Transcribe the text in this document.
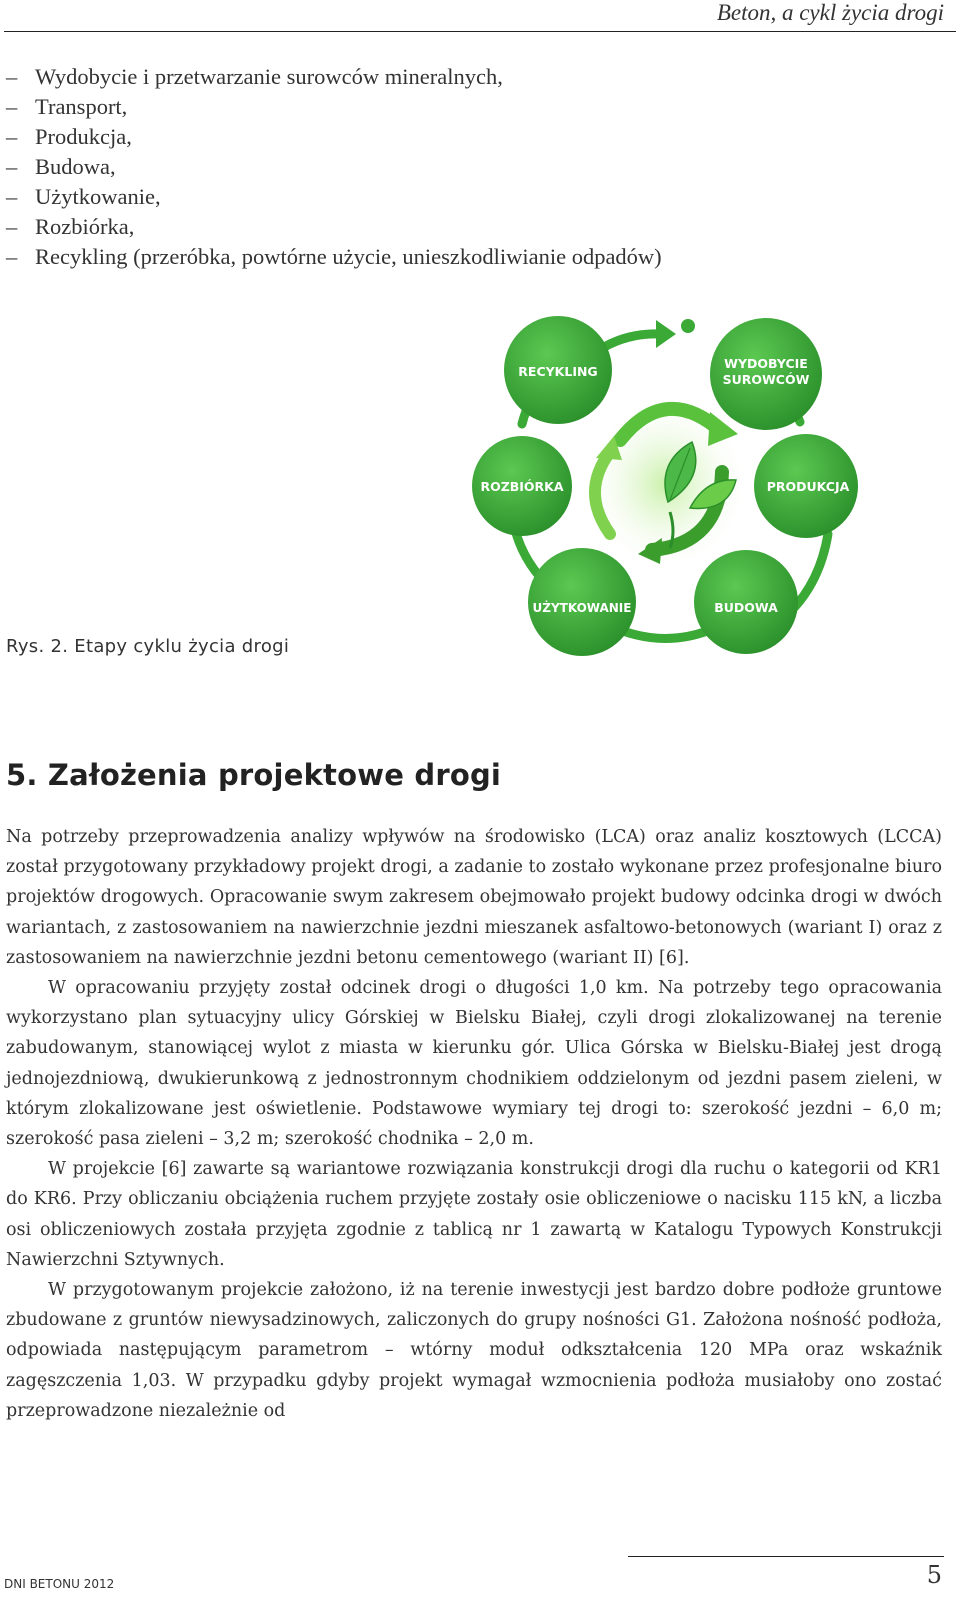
Beton, a cykl życia drogi
– Wydobycie i przetwarzanie surowców mineralnych,
– Transport,
– Produkcja,
– Budowa,
– Użytkowanie,
– Rozbiórka,
– Recykling (przeróbka, powtórne użycie, unieszkodliwianie odpadów)
RECYKLING
WYDOBYCIE
SUROWCÓW
PRODUKCJA
BUDOWA
UŻYTKOWANIE
ROZBIÓRKA
Rys. 2. Etapy cyklu życia drogi
5. Założenia projektowe drogi

Na potrzeby przeprowadzenia analizy wpływów na środowisko (LCA) oraz analiz kosztowych (LCCA) został przygotowany przykładowy projekt drogi, a zadanie to zostało wykonane przez profesjonalne biuro projektów drogowych. Opracowanie swym zakresem obejmowało projekt budowy odcinka drogi w dwóch wariantach, z zastosowaniem na nawierzchnie jezdni mieszanek asfaltowo-betonowych (wariant I) oraz z zastosowaniem na nawierzchnie jezdni betonu cementowego (wariant II) [6].

W opracowaniu przyjęty został odcinek drogi o długości 1,0 km. Na potrzeby tego opracowania wykorzystano plan sytuacyjny ulicy Górskiej w Bielsku Białej, czyli drogi zlokalizowanej na terenie zabudowanym, stanowiącej wylot z miasta w kierunku gór. Ulica Górska w Bielsku-Białej jest drogą jednojezdniową, dwukierunkową z jednostronnym chodnikiem oddzielonym od jezdni pasem zieleni, w którym zlokalizowane jest oświetlenie. Podstawowe wymiary tej drogi to: szerokość jezdni – 6,0 m; szerokość pasa zieleni – 3,2 m; szerokość chodnika – 2,0 m.

W projekcie [6] zawarte są wariantowe rozwiązania konstrukcji drogi dla ruchu o kategorii od KR1 do KR6. Przy obliczaniu obciążenia ruchem przyjęte zostały osie obliczeniowe o nacisku 115 kN, a liczba osi obliczeniowych została przyjęta zgodnie z tablicą nr 1 zawartą w Katalogu Typowych Konstrukcji Nawierzchni Sztywnych.

W przygotowanym projekcie założono, iż na terenie inwestycji jest bardzo dobre podłoże gruntowe zbudowane z gruntów niewysadzinowych, zaliczonych do grupy nośności G1. Założona nośność podłoża, odpowiada następującym parametrom – wtórny moduł odkształcenia 120 MPa oraz wskaźnik zagęszczenia 1,03. W przypadku gdyby projekt wymagał wzmocnienia podłoża musiałoby ono zostać przeprowadzone niezależnie od

DNI BETONU 2012	5
